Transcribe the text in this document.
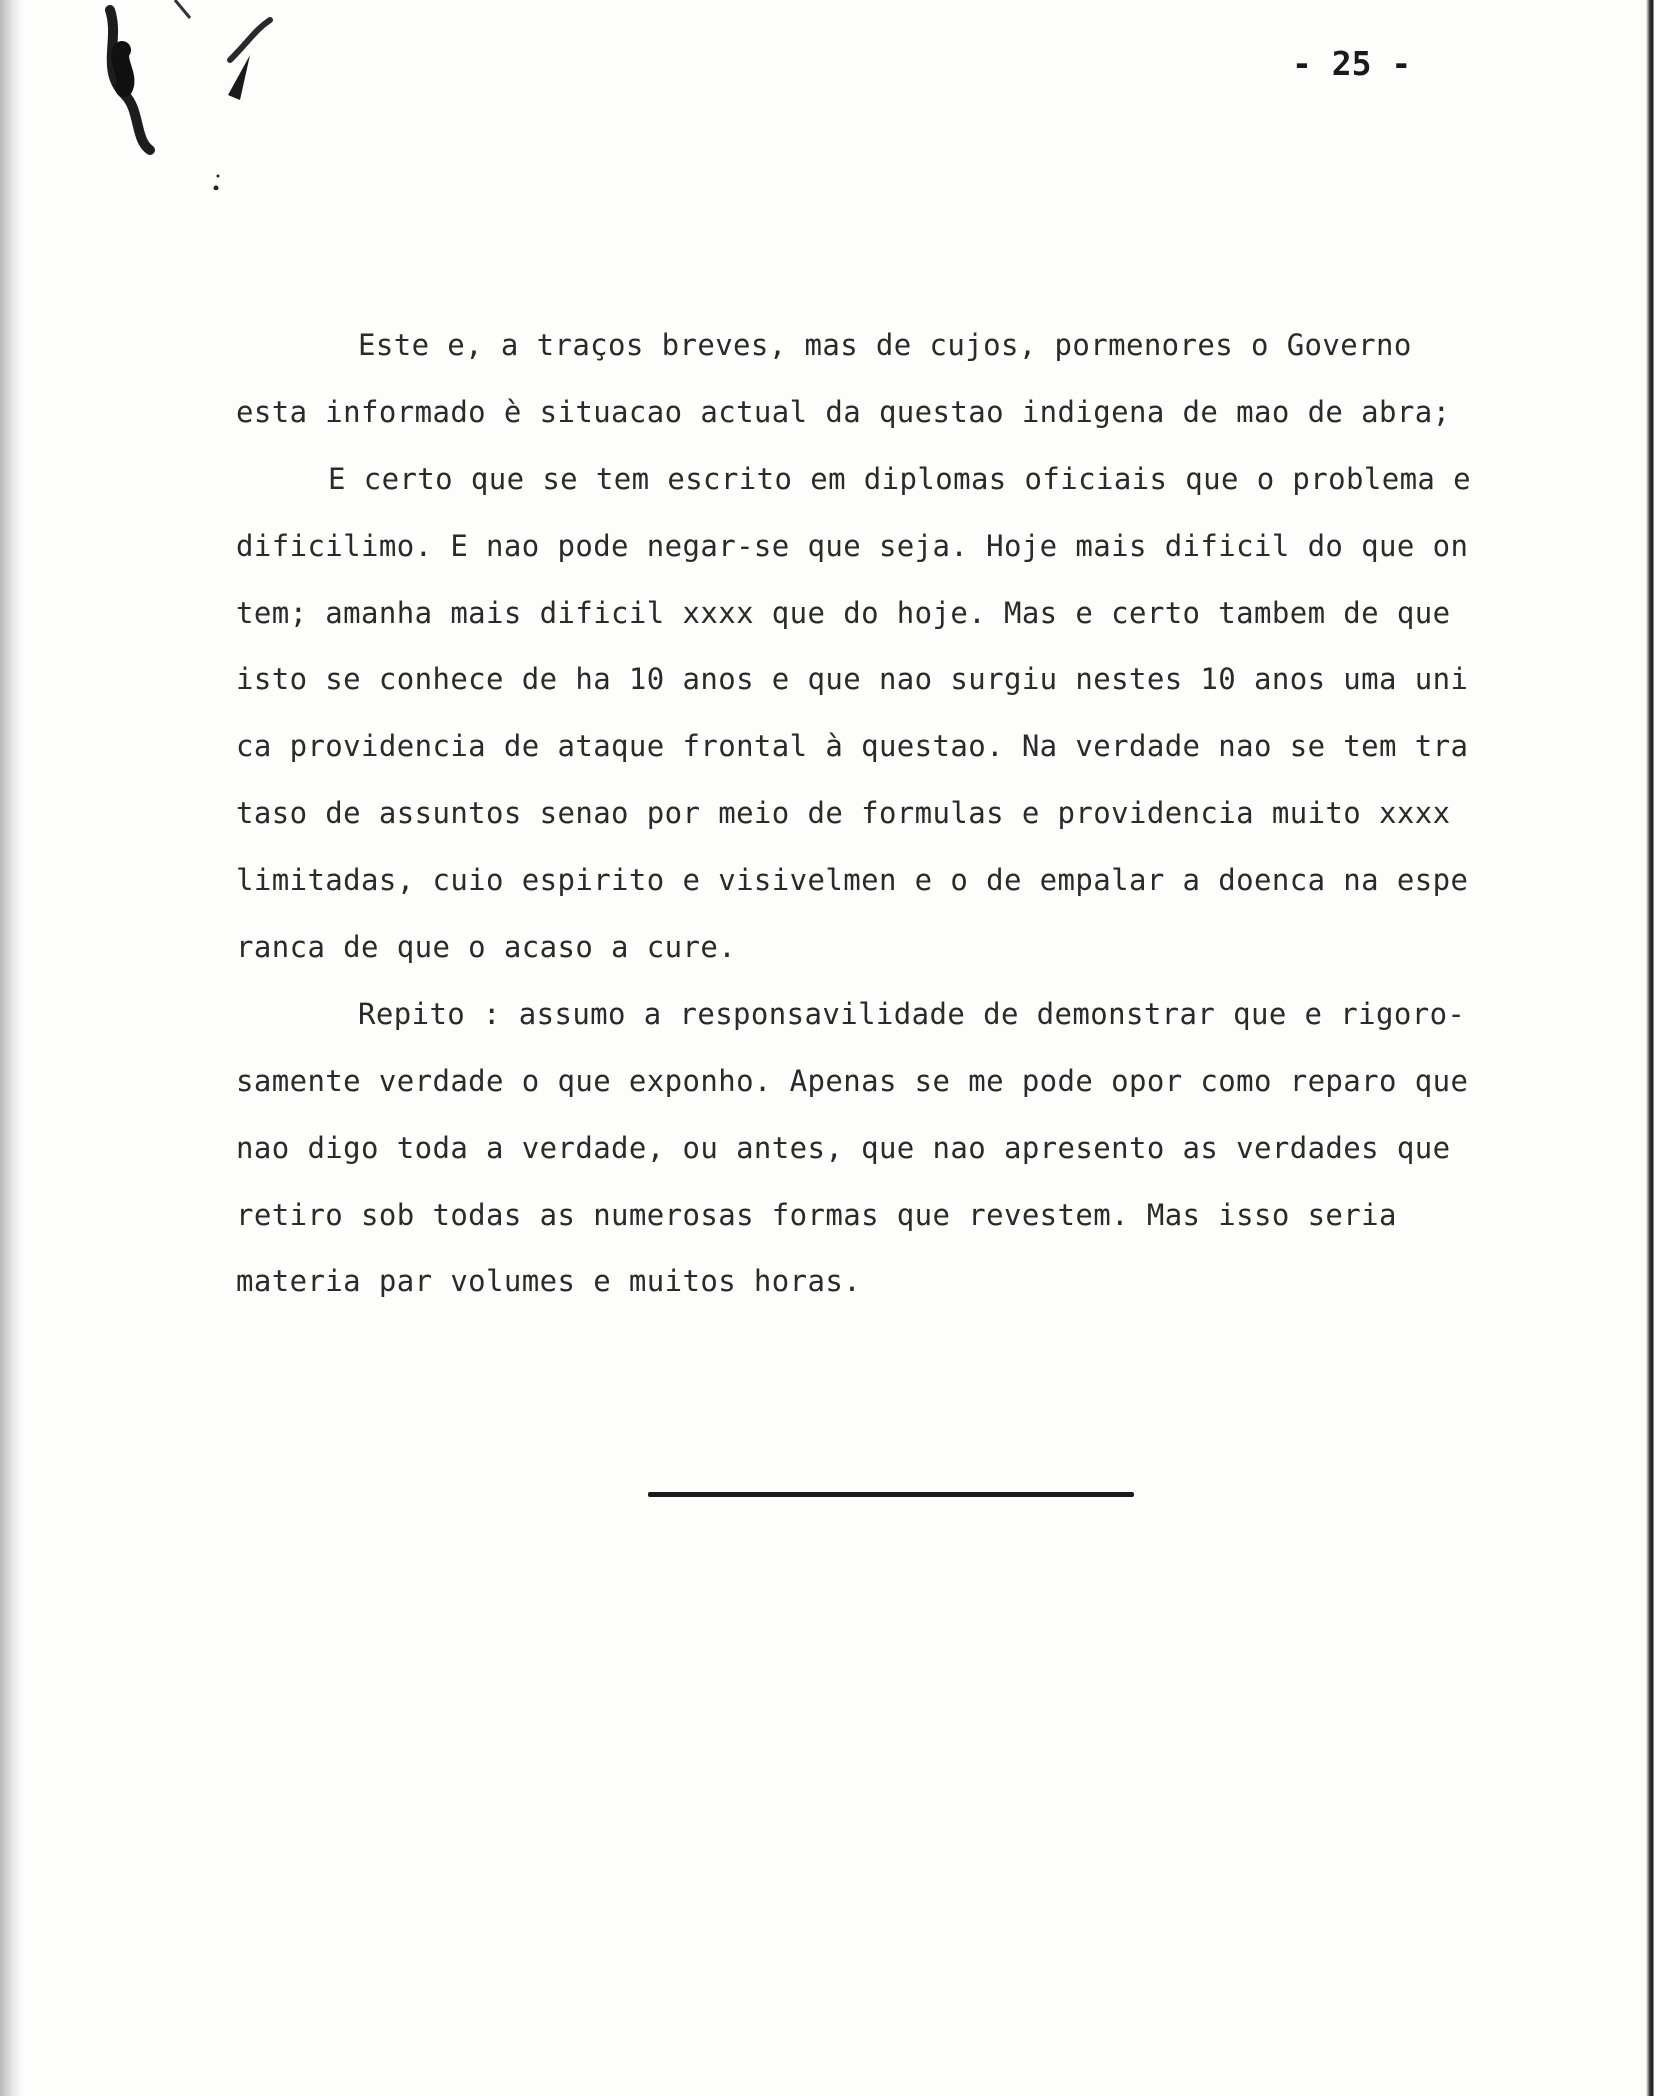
- 25 -
Este e, a traços breves, mas de cujos, pormenores o Governo
esta informado è situacao actual da questao indigena de mao de abra;
E certo que se tem escrito em diplomas oficiais que o problema e
dificilimo. E nao pode negar-se que seja. Hoje mais dificil do que on
tem; amanha mais dificil xxxx que do hoje. Mas e certo tambem de que
isto se conhece de ha 10 anos e que nao surgiu nestes 10 anos uma uni
ca providencia de ataque frontal à questao. Na verdade nao se tem tra
taso de assuntos senao por meio de formulas e providencia muito xxxx
limitadas, cuio espirito e visivelmen e o de empalar a doenca na espe
ranca de que o acaso a cure.
Repito : assumo a responsavilidade de demonstrar que e rigoro-
samente verdade o que exponho. Apenas se me pode opor como reparo que
nao digo toda a verdade, ou antes, que nao apresento as verdades que
retiro sob todas as numerosas formas que revestem. Mas isso seria
materia par volumes e muitos horas.
